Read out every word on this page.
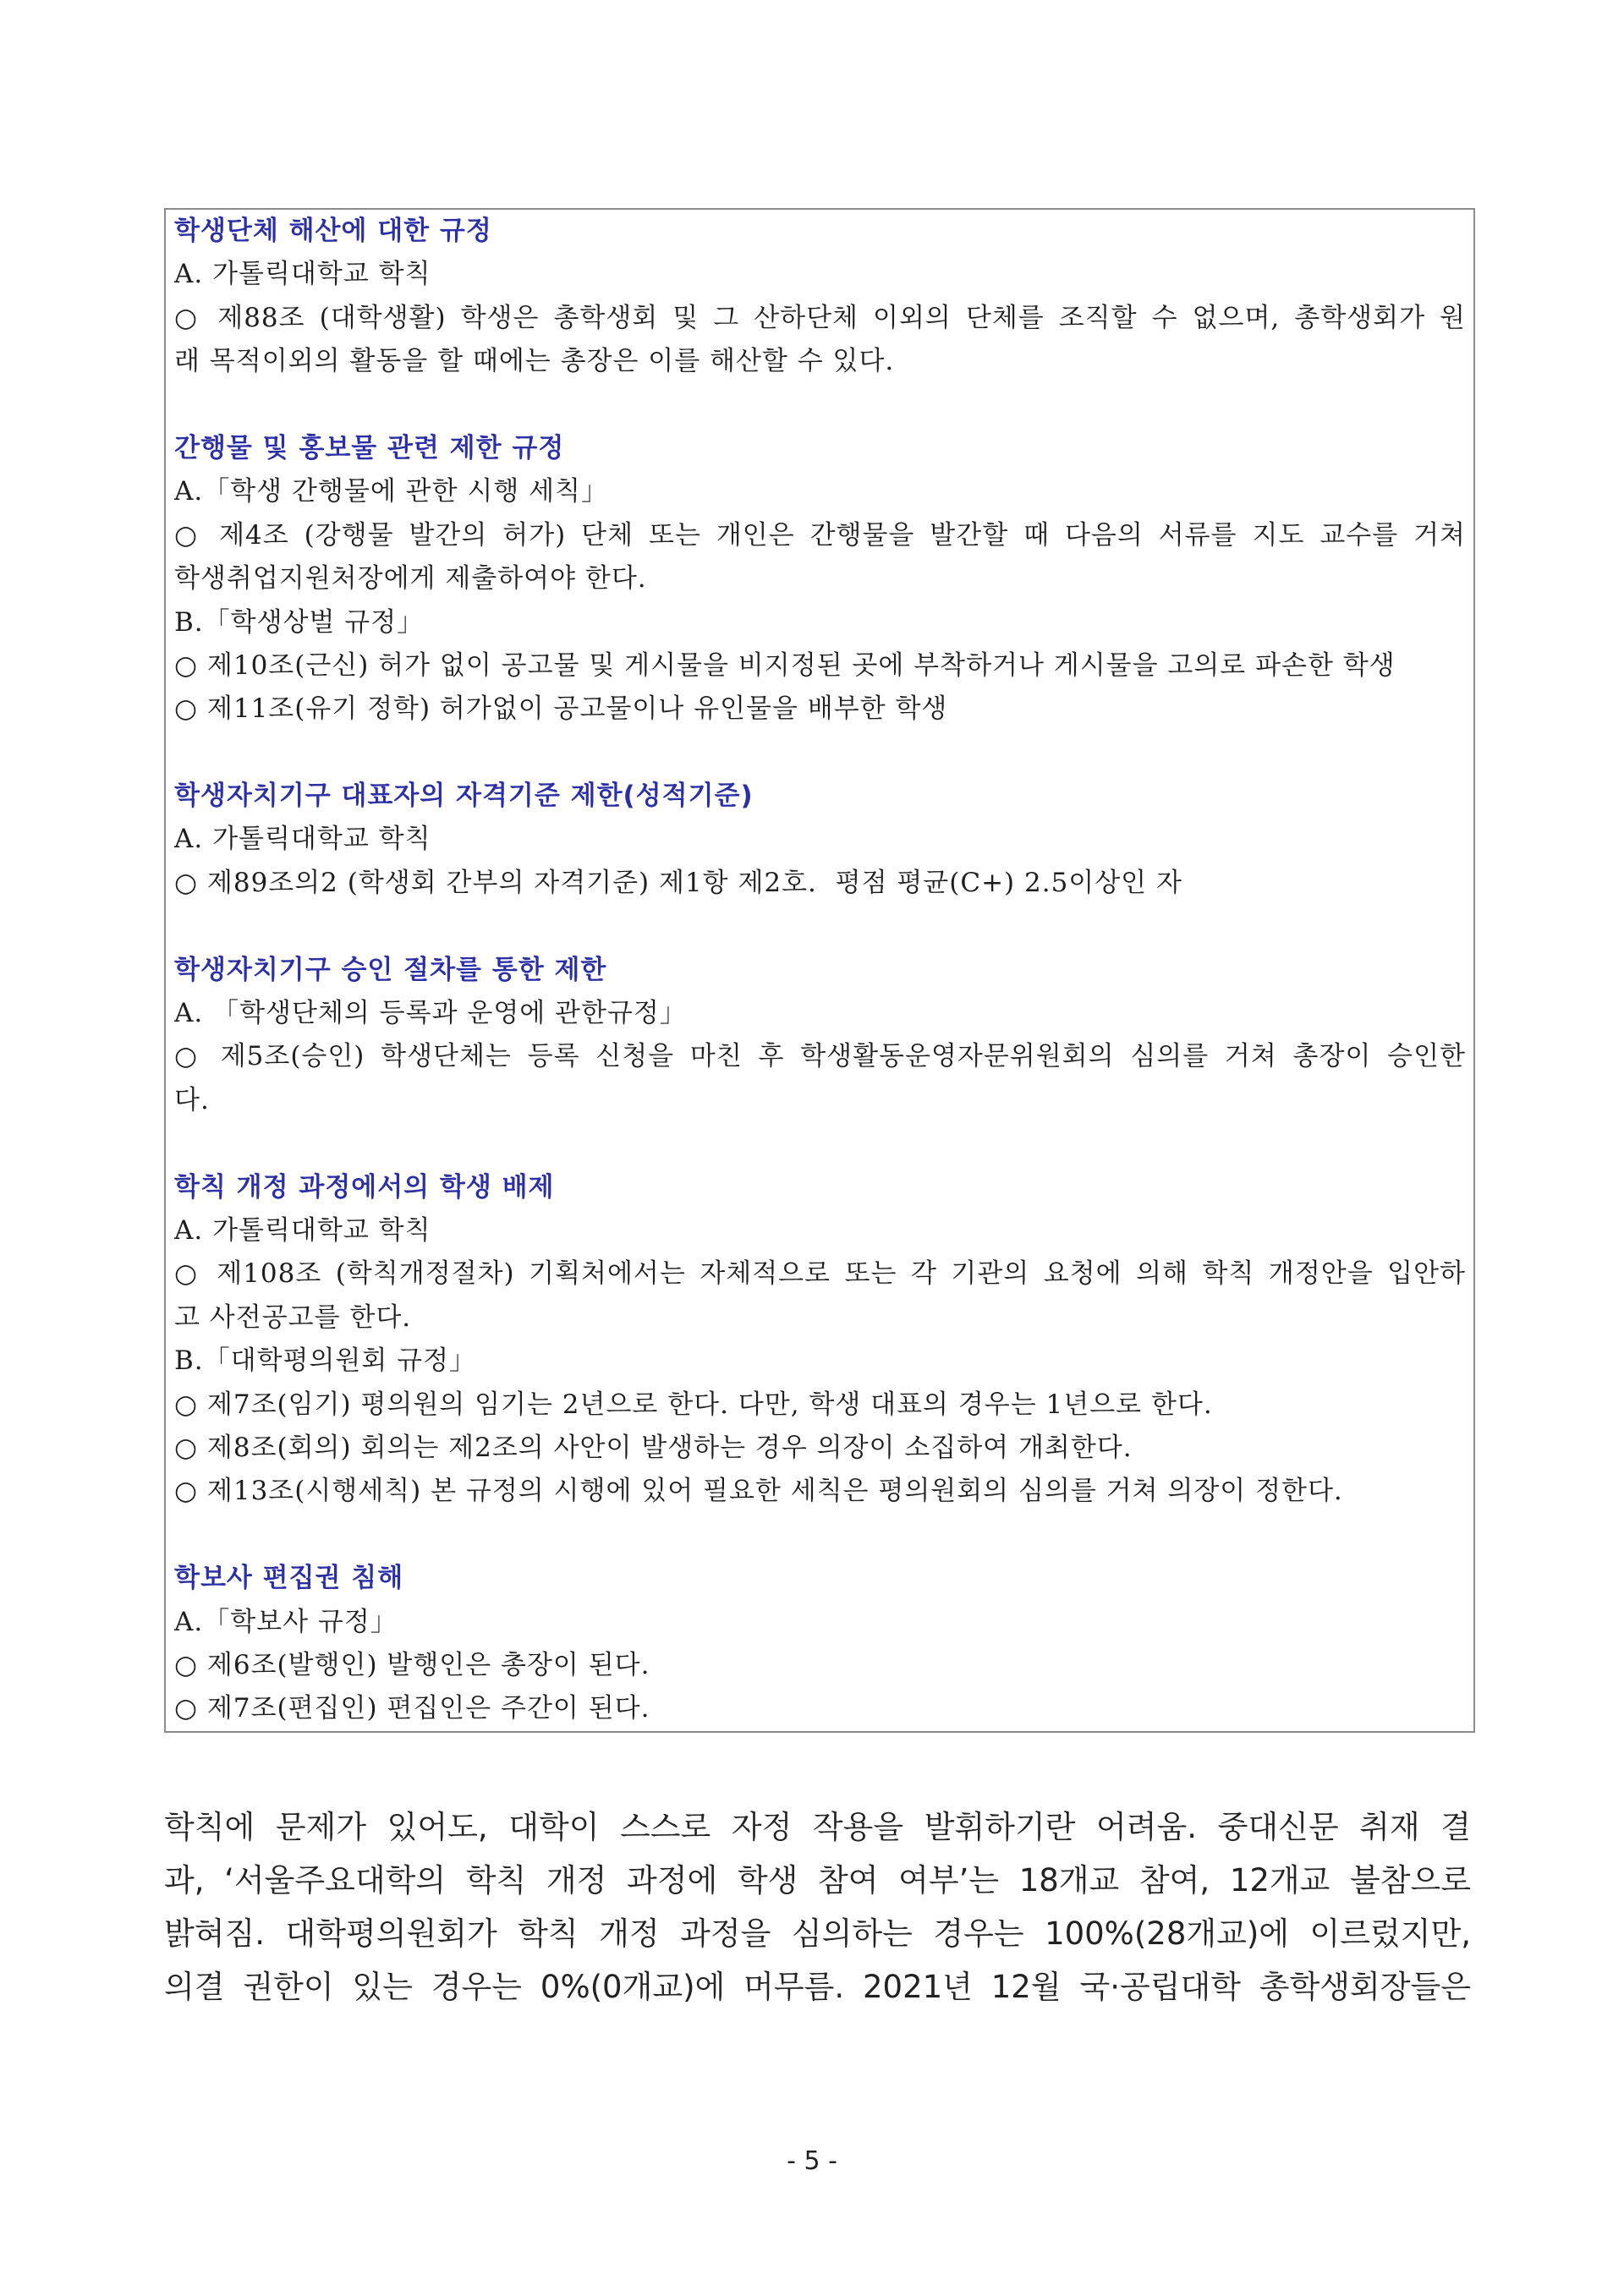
학생단체 해산에 대한 규정
A. 가톨릭대학교 학칙
○ 제88조 (대학생활) 학생은 총학생회 및 그 산하단체 이외의 단체를 조직할 수 없으며, 총학생회가 원
래 목적이외의 활동을 할 때에는 총장은 이를 해산할 수 있다.
간행물 및 홍보물 관련 제한 규정
A.「학생 간행물에 관한 시행 세칙」
○ 제4조 (강행물 발간의 허가) 단체 또는 개인은 간행물을 발간할 때 다음의 서류를 지도 교수를 거쳐
학생취업지원처장에게 제출하여야 한다.
B.「학생상벌 규정」
○ 제10조(근신) 허가 없이 공고물 및 게시물을 비지정된 곳에 부착하거나 게시물을 고의로 파손한 학생
○ 제11조(유기 정학) 허가없이 공고물이나 유인물을 배부한 학생
학생자치기구 대표자의 자격기준 제한(성적기준)
A. 가톨릭대학교 학칙
○ 제89조의2 (학생회 간부의 자격기준) 제1항 제2호.  평점 평균(C+) 2.5이상인 자
학생자치기구 승인 절차를 통한 제한
A. 「학생단체의 등록과 운영에 관한규정」
○ 제5조(승인) 학생단체는 등록 신청을 마친 후 학생활동운영자문위원회의 심의를 거쳐 총장이 승인한
다.
학칙 개정 과정에서의 학생 배제
A. 가톨릭대학교 학칙
○ 제108조 (학칙개정절차) 기획처에서는 자체적으로 또는 각 기관의 요청에 의해 학칙 개정안을 입안하
고 사전공고를 한다.
B.「대학평의원회 규정」
○ 제7조(임기) 평의원의 임기는 2년으로 한다. 다만, 학생 대표의 경우는 1년으로 한다.
○ 제8조(회의) 회의는 제2조의 사안이 발생하는 경우 의장이 소집하여 개최한다.
○ 제13조(시행세칙) 본 규정의 시행에 있어 필요한 세칙은 평의원회의 심의를 거쳐 의장이 정한다.
학보사 편집권 침해
A.「학보사 규정」
○ 제6조(발행인) 발행인은 총장이 된다.
○ 제7조(편집인) 편집인은 주간이 된다.
학칙에 문제가 있어도, 대학이 스스로 자정 작용을 발휘하기란 어려움. 중대신문 취재 결
과, ‘서울주요대학의 학칙 개정 과정에 학생 참여 여부’는 18개교 참여, 12개교 불참으로
밝혀짐. 대학평의원회가 학칙 개정 과정을 심의하는 경우는 100%(28개교)에 이르렀지만,
의결 권한이 있는 경우는 0%(0개교)에 머무름. 2021년 12월 국·공립대학 총학생회장들은
- 5 -
